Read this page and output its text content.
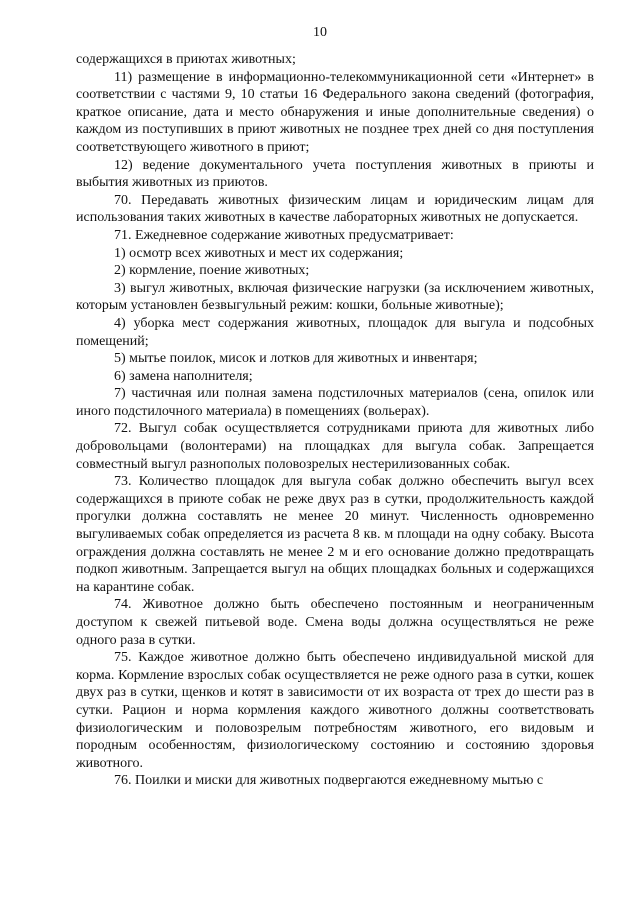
10

содержащихся в приютах животных;

11) размещение в информационно-телекоммуникационной сети «Интернет» в соответствии с частями 9, 10 статьи 16 Федерального закона сведений (фотография, краткое описание, дата и место обнаружения и иные дополнительные сведения) о каждом из поступивших в приют животных не позднее трех дней со дня поступления соответствующего животного в приют;

12) ведение документального учета поступления животных в приюты и выбытия животных из приютов.

70. Передавать животных физическим лицам и юридическим лицам для использования таких животных в качестве лабораторных животных не допускается.

71. Ежедневное содержание животных предусматривает:

1) осмотр всех животных и мест их содержания;

2) кормление, поение животных;

3) выгул животных, включая физические нагрузки (за исключением животных, которым установлен безвыгульный режим: кошки, больные животные);

4) уборка мест содержания животных, площадок для выгула и подсобных помещений;

5) мытье поилок, мисок и лотков для животных и инвентаря;

6) замена наполнителя;

7) частичная или полная замена подстилочных материалов (сена, опилок или иного подстилочного материала) в помещениях (вольерах).

72. Выгул собак осуществляется сотрудниками приюта для животных либо добровольцами (волонтерами) на площадках для выгула собак. Запрещается совместный выгул разнополых половозрелых нестерилизованных собак.

73. Количество площадок для выгула собак должно обеспечить выгул всех содержащихся в приюте собак не реже двух раз в сутки, продолжительность каждой прогулки должна составлять не менее 20 минут. Численность одновременно выгуливаемых собак определяется из расчета 8 кв. м площади на одну собаку. Высота ограждения должна составлять не менее 2 м и его основание должно предотвращать подкоп животным. Запрещается выгул на общих площадках больных и содержащихся на карантине собак.

74. Животное должно быть обеспечено постоянным и неограниченным доступом к свежей питьевой воде. Смена воды должна осуществляться не реже одного раза в сутки.

75. Каждое животное должно быть обеспечено индивидуальной миской для корма. Кормление взрослых собак осуществляется не реже одного раза в сутки, кошек двух раз в сутки, щенков и котят в зависимости от их возраста от трех до шести раз в сутки. Рацион и норма кормления каждого животного должны соответствовать физиологическим и половозрелым потребностям животного, его видовым и породным особенностям, физиологическому состоянию и состоянию здоровья животного.

76. Поилки и миски для животных подвергаются ежедневному мытью с
